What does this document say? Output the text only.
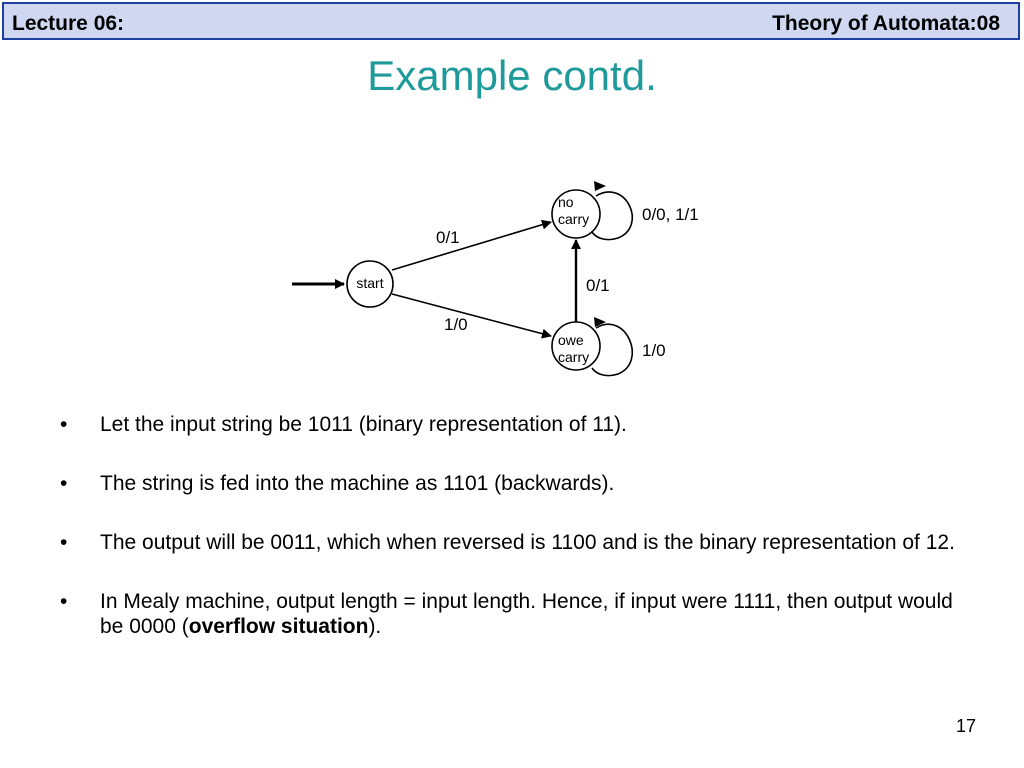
Lecture 06:	Theory of Automata:08
Example contd.
0/1
1/0
0/1
0/0, 1/1
1/0
start
no
carry
owe
carry
• Let the input string be 1011 (binary representation of 11).
• The string is fed into the machine as 1101 (backwards).
• The output will be 0011, which when reversed is 1100 and is the binary representation of 12.
• In Mealy machine, output length = input length. Hence, if input were 1111, then output would be 0000 (overflow situation).
17
